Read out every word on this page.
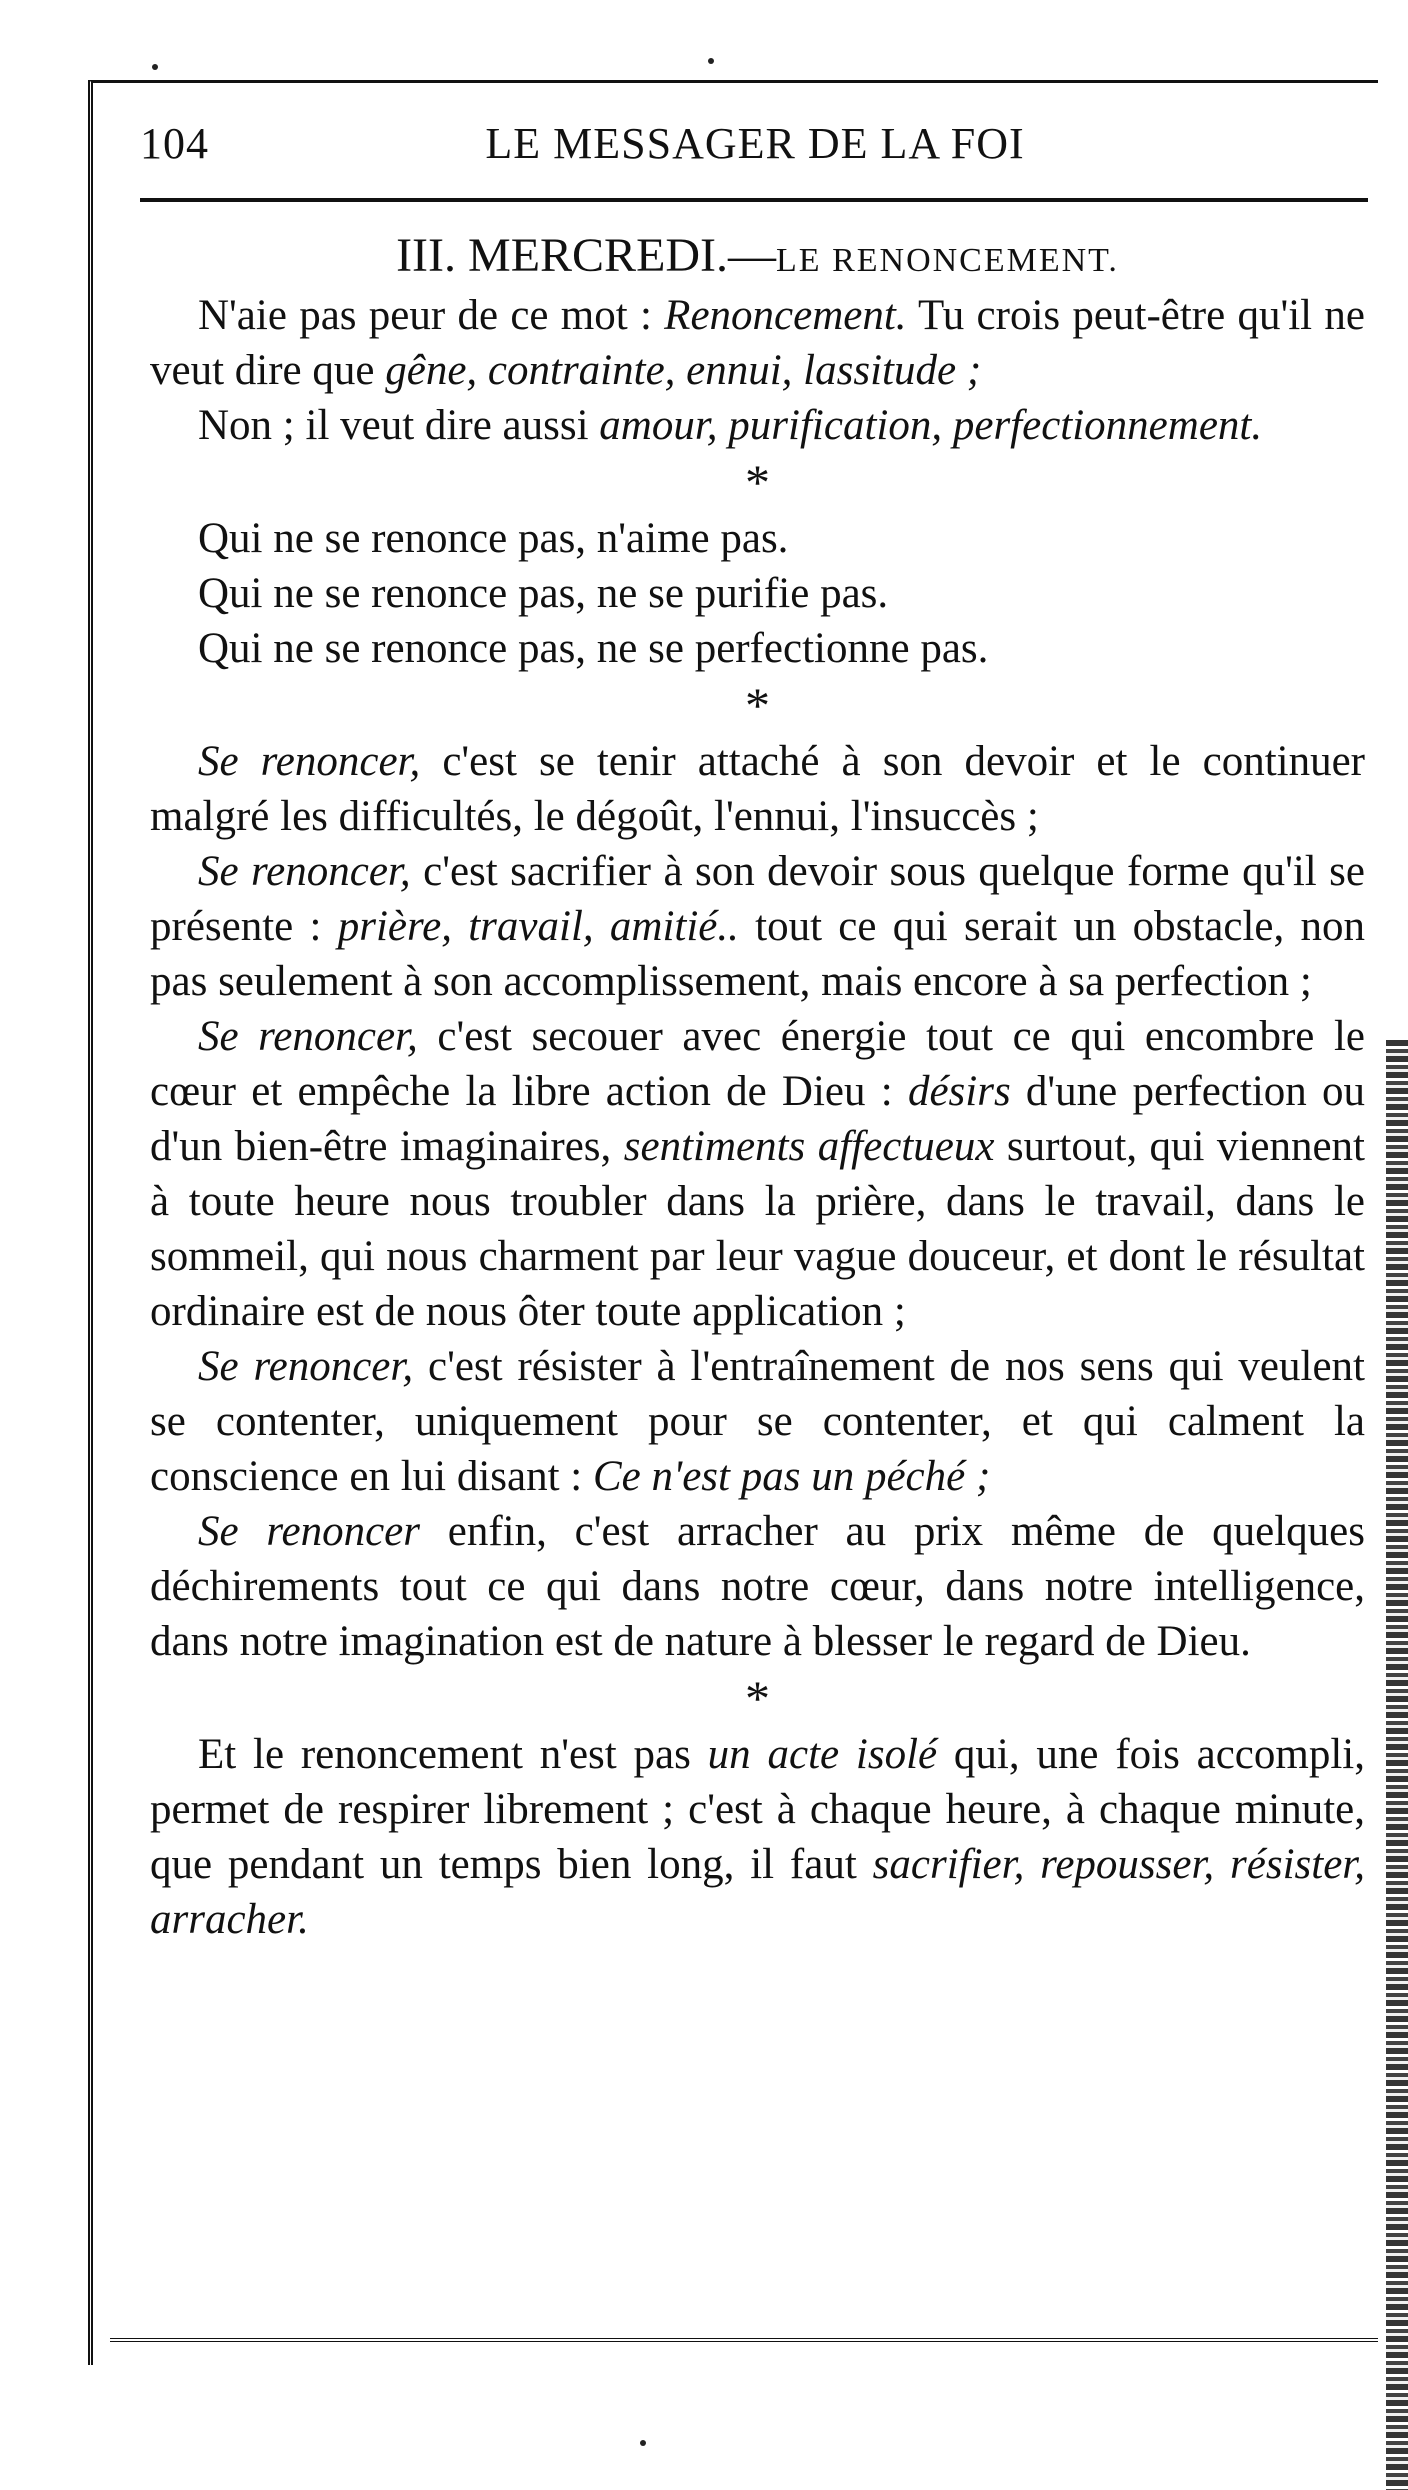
104	LE MESSAGER DE LA FOI

III. MERCREDI.—LE RENONCEMENT.

N'aie pas peur de ce mot : Renoncement. Tu crois peut-être qu'il ne veut dire que gêne, contrainte, ennui, lassitude ;

Non ; il veut dire aussi amour, purification, perfectionnement.

*

Qui ne se renonce pas, n'aime pas.
Qui ne se renonce pas, ne se purifie pas.
Qui ne se renonce pas, ne se perfectionne pas.

*

Se renoncer, c'est se tenir attaché à son devoir et le continuer malgré les difficultés, le dégoût, l'ennui, l'insuccès ;

Se renoncer, c'est sacrifier à son devoir sous quelque forme qu'il se présente : prière, travail, amitié.. tout ce qui serait un obstacle, non pas seulement à son accomplissement, mais encore à sa perfection ;

Se renoncer, c'est secouer avec énergie tout ce qui encombre le cœur et empêche la libre action de Dieu : désirs d'une perfection ou d'un bien-être imaginaires, sentiments affectueux surtout, qui viennent à toute heure nous troubler dans la prière, dans le travail, dans le sommeil, qui nous charment par leur vague douceur, et dont le résultat ordinaire est de nous ôter toute application ;

Se renoncer, c'est résister à l'entraînement de nos sens qui veulent se contenter, uniquement pour se contenter, et qui calment la conscience en lui disant : Ce n'est pas un péché ;

Se renoncer enfin, c'est arracher au prix même de quelques déchirements tout ce qui dans notre cœur, dans notre intelligence, dans notre imagination est de nature à blesser le regard de Dieu.

*

Et le renoncement n'est pas un acte isolé qui, une fois accompli, permet de respirer librement ; c'est à chaque heure, à chaque minute, que pendant un temps bien long, il faut sacrifier, repousser, résister, arracher.
